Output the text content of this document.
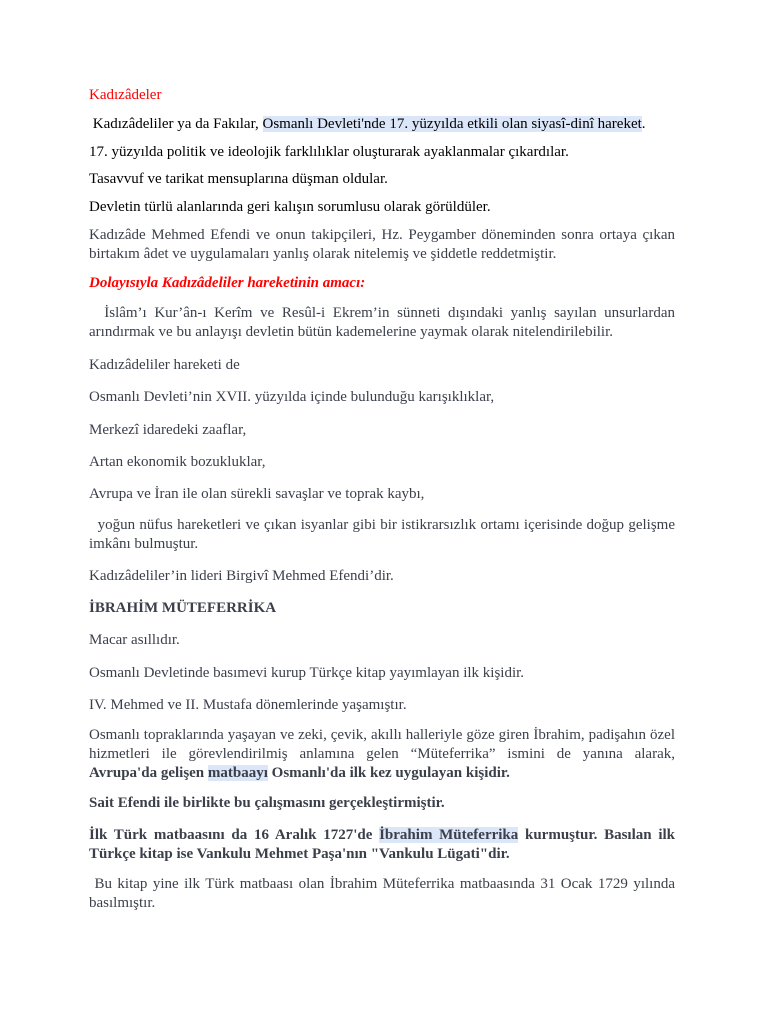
Kadızâdeler
Kadızâdeliler ya da Fakılar, Osmanlı Devleti'nde 17. yüzyılda etkili olan siyasî-dinî hareket.
17. yüzyılda politik ve ideolojik farklılıklar oluşturarak ayaklanmalar çıkardılar.
Tasavvuf ve tarikat mensuplarına düşman oldular.
Devletin türlü alanlarında geri kalışın sorumlusu olarak görüldüler.
Kadızâde Mehmed Efendi ve onun takipçileri, Hz. Peygamber döneminden sonra ortaya çıkan birtakım âdet ve uygulamaları yanlış olarak nitelemiş ve şiddetle reddetmiştir.
Dolayısıyla Kadızâdeliler hareketinin amacı:
İslâm’ı Kur’ân-ı Kerîm ve Resûl-i Ekrem’in sünneti dışındaki yanlış sayılan unsurlardan arındırmak ve bu anlayışı devletin bütün kademelerine yaymak olarak nitelendirilebilir.
Kadızâdeliler hareketi de
Osmanlı Devleti’nin XVII. yüzyılda içinde bulunduğu karışıklıklar,
Merkezî idaredeki zaaflar,
Artan ekonomik bozukluklar,
Avrupa ve İran ile olan sürekli savaşlar ve toprak kaybı,
yoğun nüfus hareketleri ve çıkan isyanlar gibi bir istikrarsızlık ortamı içerisinde doğup gelişme imkânı bulmuştur.
Kadızâdeliler’in lideri Birgivî Mehmed Efendi’dir.
İBRAHİM MÜTEFERRİKA
Macar asıllıdır.
Osmanlı Devletinde basımevi kurup Türkçe kitap yayımlayan ilk kişidir.
IV. Mehmed ve II. Mustafa dönemlerinde yaşamıştır.
Osmanlı topraklarında yaşayan ve zeki, çevik, akıllı halleriyle göze giren İbrahim, padişahın özel hizmetleri ile görevlendirilmiş anlamına gelen “Müteferrika” ismini de yanına alarak, Avrupa'da gelişen matbaayı Osmanlı'da ilk kez uygulayan kişidir.
Sait Efendi ile birlikte bu çalışmasını gerçekleştirmiştir.
İlk Türk matbaasını da 16 Aralık 1727'de İbrahim Müteferrika kurmuştur. Basılan ilk Türkçe kitap ise Vankulu Mehmet Paşa'nın "Vankulu Lügati"dir.
Bu kitap yine ilk Türk matbaası olan İbrahim Müteferrika matbaasında 31 Ocak 1729 yılında basılmıştır.
